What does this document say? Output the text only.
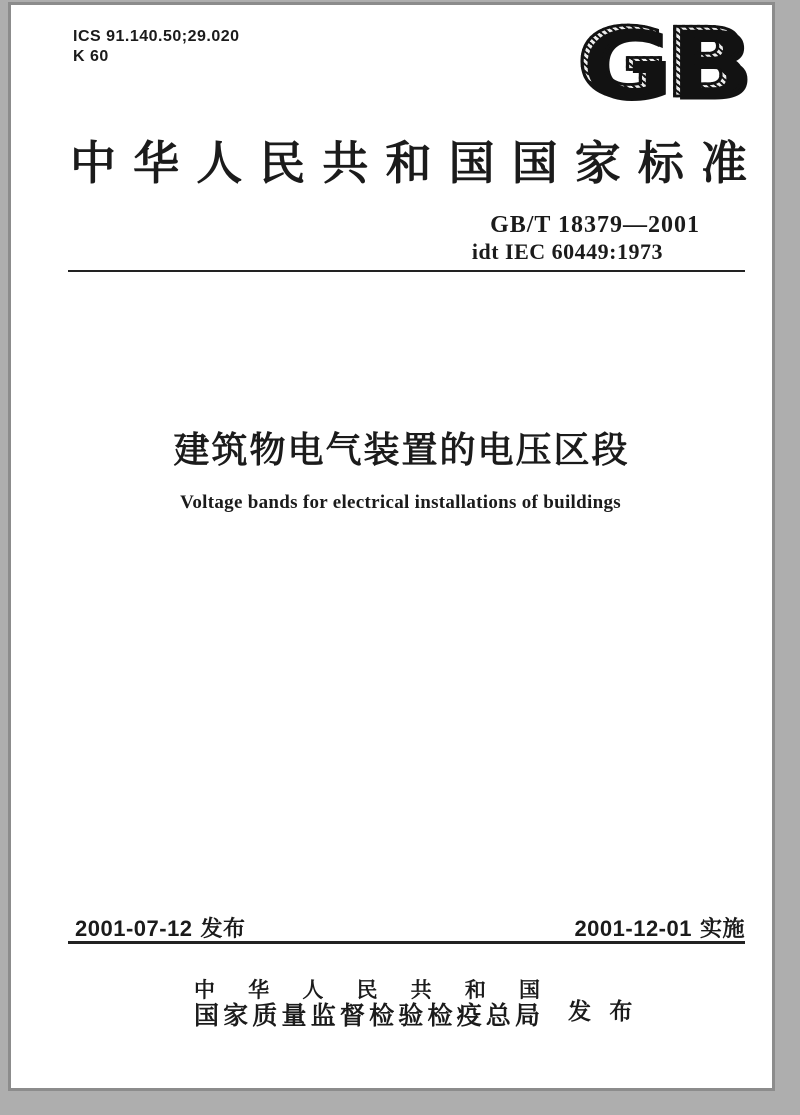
ICS 91.140.50;29.020
K 60	GB
中华人民共和国国家标准
GB/T 18379—2001
idt IEC 60449:1973
建筑物电气装置的电压区段
Voltage bands for electrical installations of buildings
2001-07-12 发布	2001-12-01 实施
中华人民共和国
国家质量监督检验检疫总局 发 布
